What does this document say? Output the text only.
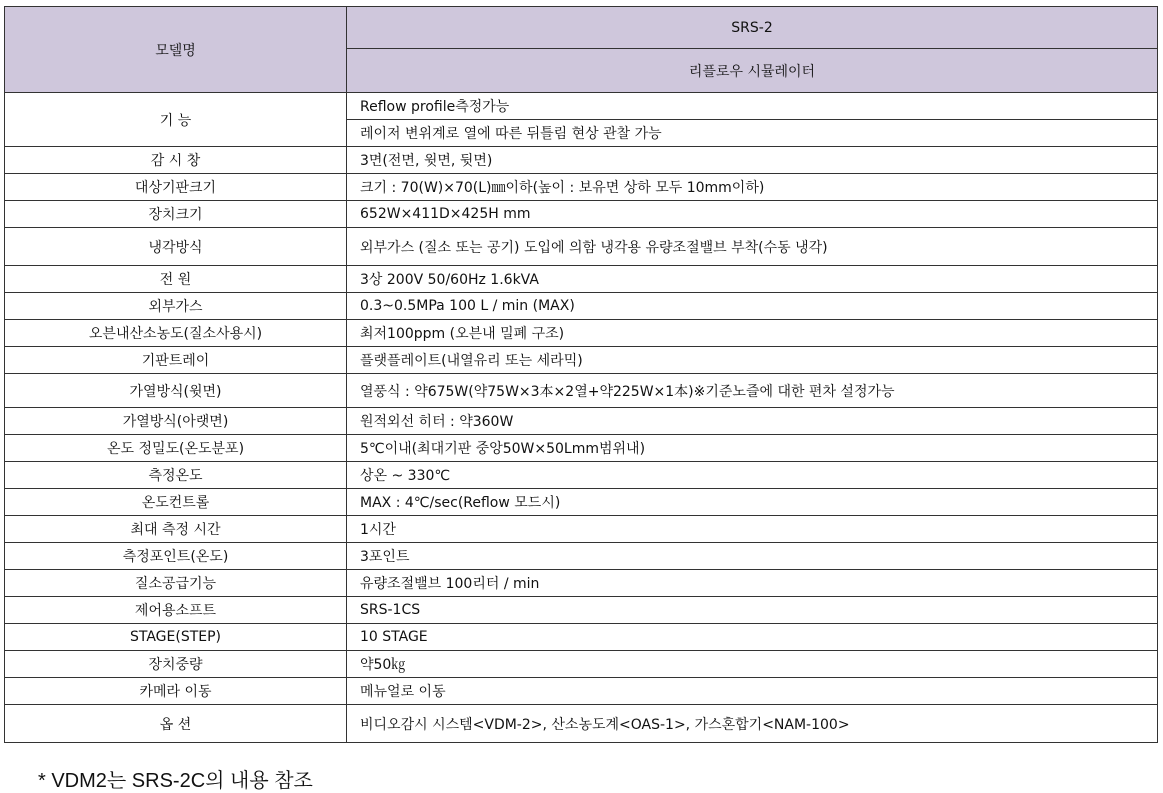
모델명	SRS-2
	리플로우 시뮬레이터
기 능	Reflow profile측정가능
	레이저 변위계로 열에 따른 뒤틀림 현상 관찰 가능
감 시 창	3면(전면, 윗면, 뒷면)
대상기판크기	크기 : 70(W)×70(L)㎜이하(높이 : 보유면 상하 모두 10mm이하)
장치크기	652W×411D×425H mm
냉각방식	외부가스 (질소 또는 공기) 도입에 의함 냉각용 유량조절밸브 부착(수동 냉각)
전 원	3상 200V 50/60Hz 1.6kVA
외부가스	0.3~0.5MPa 100 L / min (MAX)
오븐내산소농도(질소사용시)	최저100ppm (오븐내 밀폐 구조)
기판트레이	플랫플레이트(내열유리 또는 세라믹)
가열방식(윗면)	열풍식 : 약675W(약75W×3本×2열+약225W×1本)※기준노즐에 대한 편차 설정가능
가열방식(아랫면)	원적외선 히터 : 약360W
온도 정밀도(온도분포)	5℃이내(최대기판 중앙50W×50Lmm범위내)
측정온도	상온 ~ 330℃
온도컨트롤	MAX : 4℃/sec(Reflow 모드시)
최대 측정 시간	1시간
측정포인트(온도)	3포인트
질소공급기능	유량조절밸브 100리터 / min
제어용소프트	SRS-1CS
STAGE(STEP)	10 STAGE
장치중량	약50㎏
카메라 이동	메뉴얼로 이동
옵 션	비디오감시 시스템<VDM-2>, 산소농도계<OAS-1>, 가스혼합기<NAM-100>

* VDM2는 SRS-2C의 내용 참조
